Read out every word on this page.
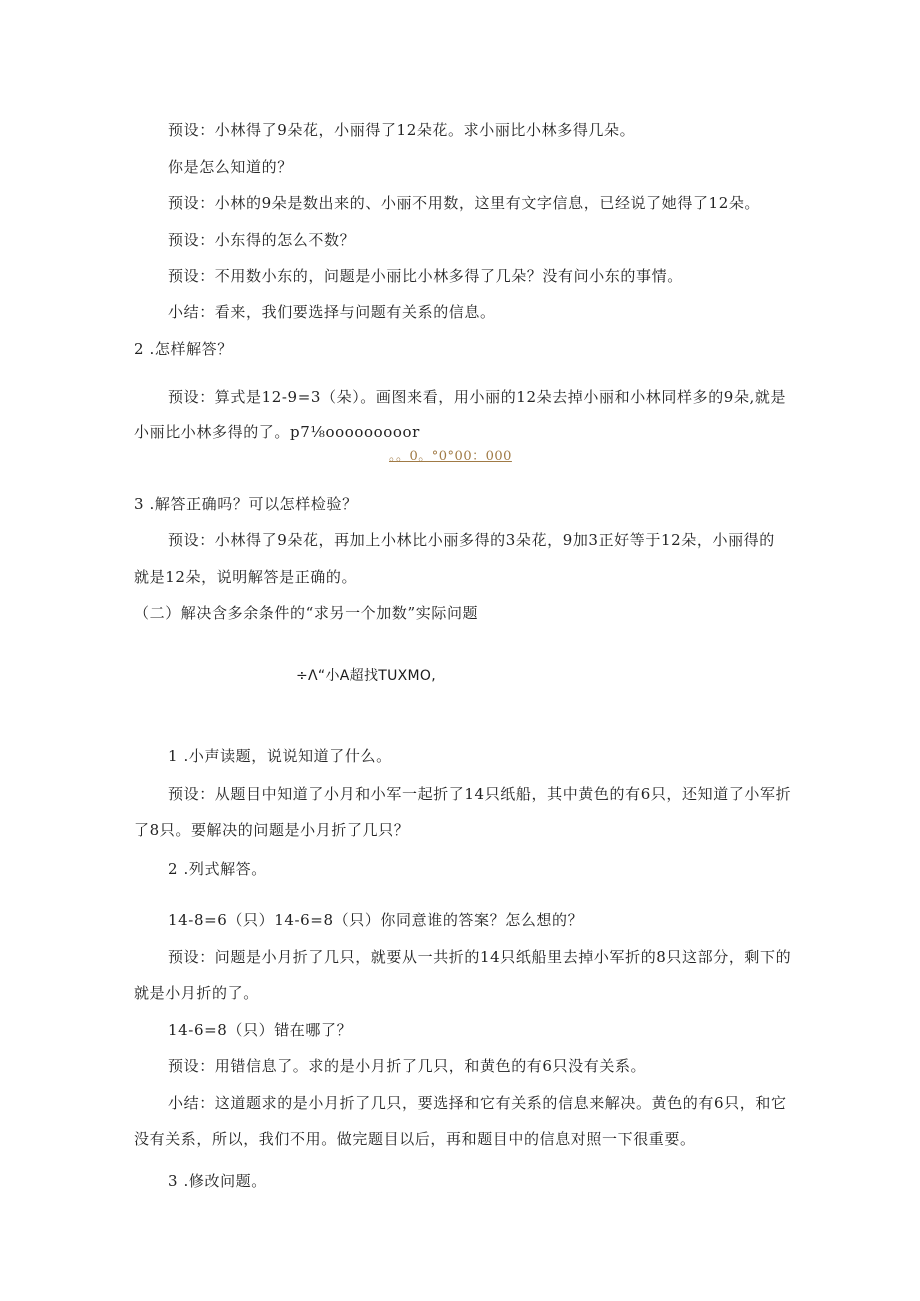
预设：小林得了9朵花，小丽得了12朵花。求小丽比小林多得几朵。
你是怎么知道的？
预设：小林的9朵是数出来的、小丽不用数，这里有文字信息，已经说了她得了12朵。
预设：小东得的怎么不数？
预设：不用数小东的，问题是小丽比小林多得了几朵？没有问小东的事情。
小结：看来，我们要选择与问题有关系的信息。
2 .怎样解答？
预设：算式是12-9=3（朵）。画图来看，用小丽的12朵去掉小丽和小林同样多的9朵,就是
小丽比小林多得的了。p7⅛ooooooooor
。。0。°0°00：000
3 .解答正确吗？可以怎样检验？
预设：小林得了9朵花，再加上小林比小丽多得的3朵花，9加3正好等于12朵，小丽得的
就是12朵，说明解答是正确的。
（二）解决含多余条件的“求另一个加数”实际问题
÷Λ“小Α超找TUXMO,
1 .小声读题，说说知道了什么。
预设：从题目中知道了小月和小军一起折了14只纸船，其中黄色的有6只，还知道了小军折
了8只。要解决的问题是小月折了几只？
2 .列式解答。
14-8=6（只）14-6=8（只）你同意谁的答案？怎么想的？
预设：问题是小月折了几只，就要从一共折的14只纸船里去掉小军折的8只这部分，剩下的
就是小月折的了。
14-6=8（只）错在哪了？
预设：用错信息了。求的是小月折了几只，和黄色的有6只没有关系。
小结：这道题求的是小月折了几只，要选择和它有关系的信息来解决。黄色的有6只，和它
没有关系，所以，我们不用。做完题目以后，再和题目中的信息对照一下很重要。
3 .修改问题。
